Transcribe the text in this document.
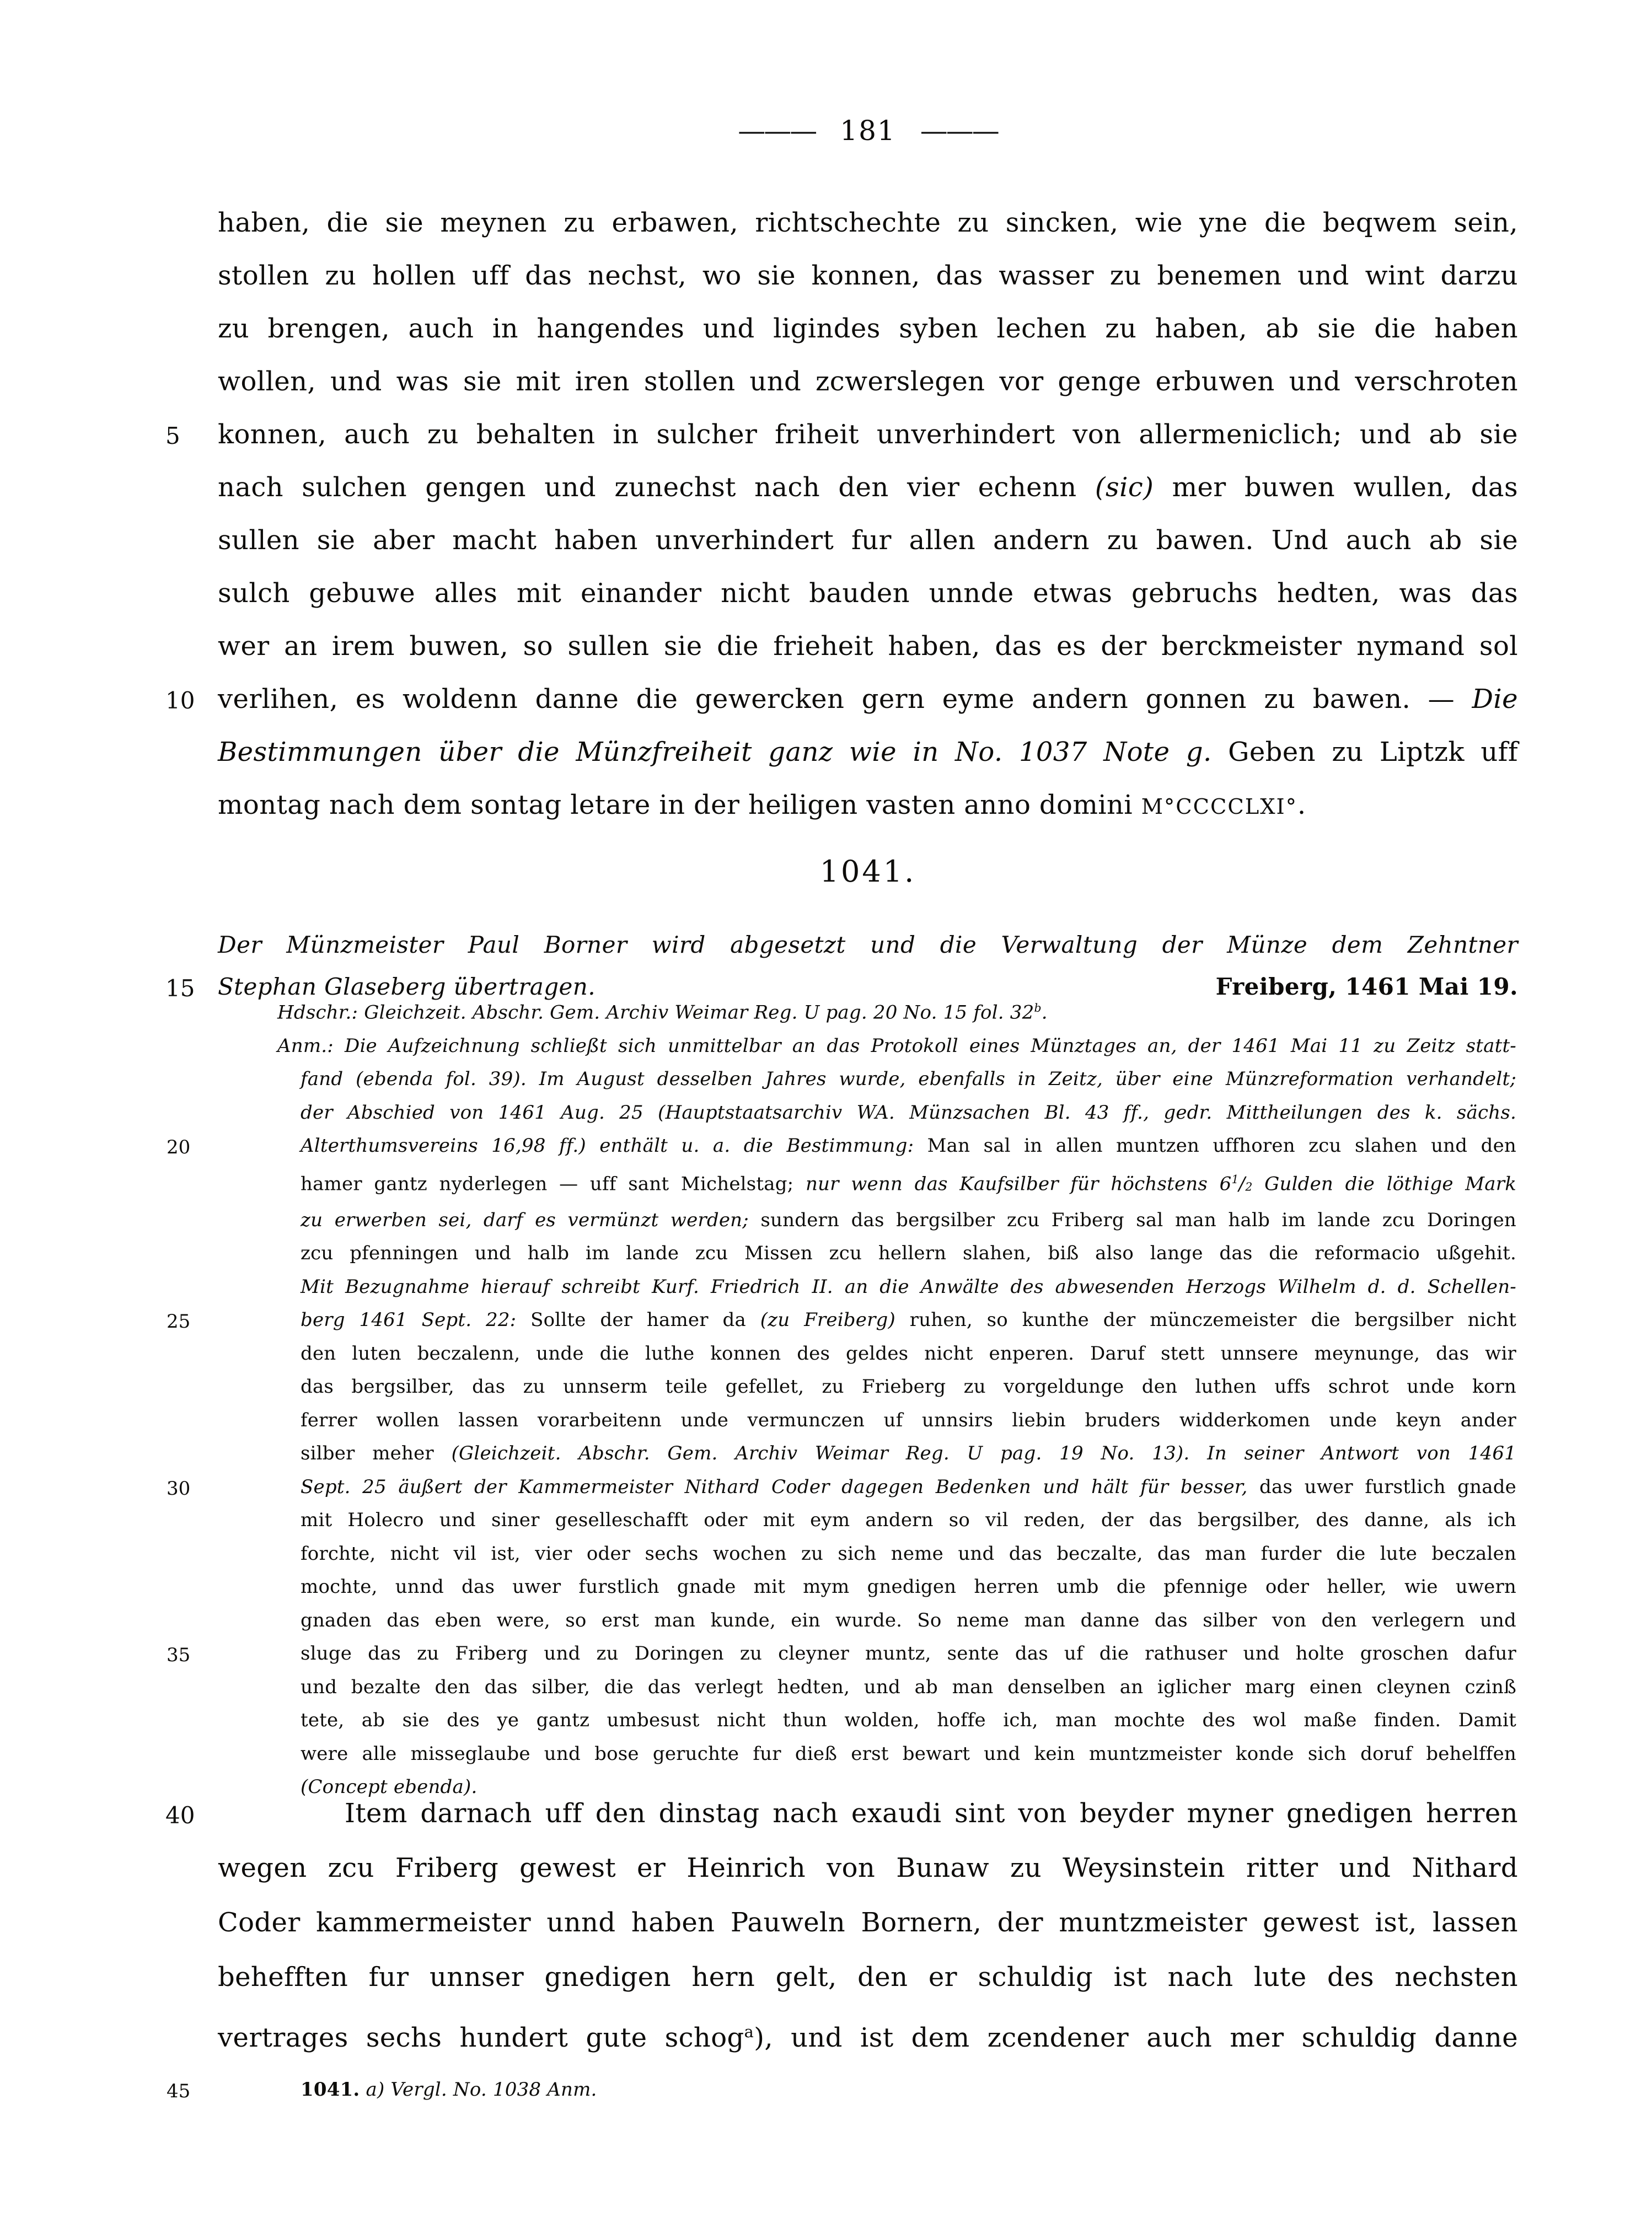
——— 181 ———
haben, die sie meynen zu erbawen, richtschechte zu sincken, wie yne die beqwem sein,
stollen zu hollen uff das nechst, wo sie konnen, das wasser zu benemen und wint darzu
zu brengen, auch in hangendes und ligindes syben lechen zu haben, ab sie die haben
wollen, und was sie mit iren stollen und zcwerslegen vor genge erbuwen und verschroten
5 konnen, auch zu behalten in sulcher friheit unverhindert von allermeniclich; und ab sie
nach sulchen gengen und zunechst nach den vier echenn (sic) mer buwen wullen, das
sullen sie aber macht haben unverhindert fur allen andern zu bawen. Und auch ab sie
sulch gebuwe alles mit einander nicht bauden unnde etwas gebruchs hedten, was das
wer an irem buwen, so sullen sie die frieheit haben, das es der berckmeister nymand sol
10 verlihen, es woldenn danne die gewercken gern eyme andern gonnen zu bawen. — Die
Bestimmungen über die Münzfreiheit ganz wie in No. 1037 Note g. Geben zu Liptzk uff
montag nach dem sontag letare in der heiligen vasten anno domini M°CCCCLXI°.
1041.
Der Münzmeister Paul Borner wird abgesetzt und die Verwaltung der Münze dem Zehntner
15 Stephan Glaseberg übertragen.	Freiberg, 1461 Mai 19.
Hdschr.: Gleichzeit. Abschr. Gem. Archiv Weimar Reg. U pag. 20 No. 15 fol. 32$^b$.
Anm.: Die Aufzeichnung schließt sich unmittelbar an das Protokoll eines Münztages an, der 1461 Mai 11 zu Zeitz statt-
fand (ebenda fol. 39). Im August desselben Jahres wurde, ebenfalls in Zeitz, über eine Münzreformation verhandelt;
der Abschied von 1461 Aug. 25 (Hauptstaatsarchiv WA. Münzsachen Bl. 43 ff., gedr. Mittheilungen des k. sächs.
20	Alterthumsvereins 16,98 ff.) enthält u. a. die Bestimmung: Man sal in allen muntzen uffhoren zcu slahen und den
hamer gantz nyderlegen — uff sant Michelstag; nur wenn das Kaufsilber für höchstens $6^1/2$ Gulden die löthige Mark
zu erwerben sei, darf es vermünzt werden; sundern das bergsilber zcu Friberg sal man halb im lande zcu Doringen
zcu pfenningen und halb im lande zcu Missen zcu hellern slahen, biß also lange das die reformacio ußgehit.
Mit Bezugnahme hierauf schreibt Kurf. Friedrich II. an die Anwälte des abwesenden Herzogs Wilhelm d. d. Schellen-
25	berg 1461 Sept. 22: Sollte der hamer da (zu Freiberg) ruhen, so kunthe der münczemeister die bergsilber nicht
den luten beczalenn, unde die luthe konnen des geldes nicht enperen. Daruf stett unnsere meynunge, das wir
das bergsilber, das zu unnserm teile gefellet, zu Frieberg zu vorgeldunge den luthen uffs schrot unde korn
ferrer wollen lassen vorarbeitenn unde vermunczen uf unnsirs liebin bruders widderkomen unde keyn ander
silber meher (Gleichzeit. Abschr. Gem. Archiv Weimar Reg. U pag. 19 No. 13). In seiner Antwort von 1461
30	Sept. 25 äußert der Kammermeister Nithard Coder dagegen Bedenken und hält für besser, das uwer furstlich gnade
mit Holecro und siner geselleschafft oder mit eym andern so vil reden, der das bergsilber, des danne, als ich
forchte, nicht vil ist, vier oder sechs wochen zu sich neme und das beczalte, das man furder die lute beczalen
mochte, unnd das uwer furstlich gnade mit mym gnedigen herren umb die pfennige oder heller, wie uwern
gnaden das eben were, so erst man kunde, ein wurde. So neme man danne das silber von den verlegern und
35	sluge das zu Friberg und zu Doringen zu cleyner muntz, sente das uf die rathuser und holte groschen dafur
und bezalte den das silber, die das verlegt hedten, und ab man denselben an iglicher marg einen cleynen czinß
tete, ab sie des ye gantz umbesust nicht thun wolden, hoffe ich, man mochte des wol maße finden. Damit
were alle misseglaube und bose geruchte fur dieß erst bewart und kein muntzmeister konde sich doruf behelffen
(Concept ebenda).
40	Item darnach uff den dinstag nach exaudi sint von beyder myner gnedigen herren
wegen zcu Friberg gewest er Heinrich von Bunaw zu Weysinstein ritter und Nithard
Coder kammermeister unnd haben Pauweln Bornern, der muntzmeister gewest ist, lassen
behefften fur unnser gnedigen hern gelt, den er schuldig ist nach lute des nechsten
vertrages sechs hundert gute schog$^a$), und ist dem zcendener auch mer schuldig danne
45	1041. a) Vergl. No. 1038 Anm.
